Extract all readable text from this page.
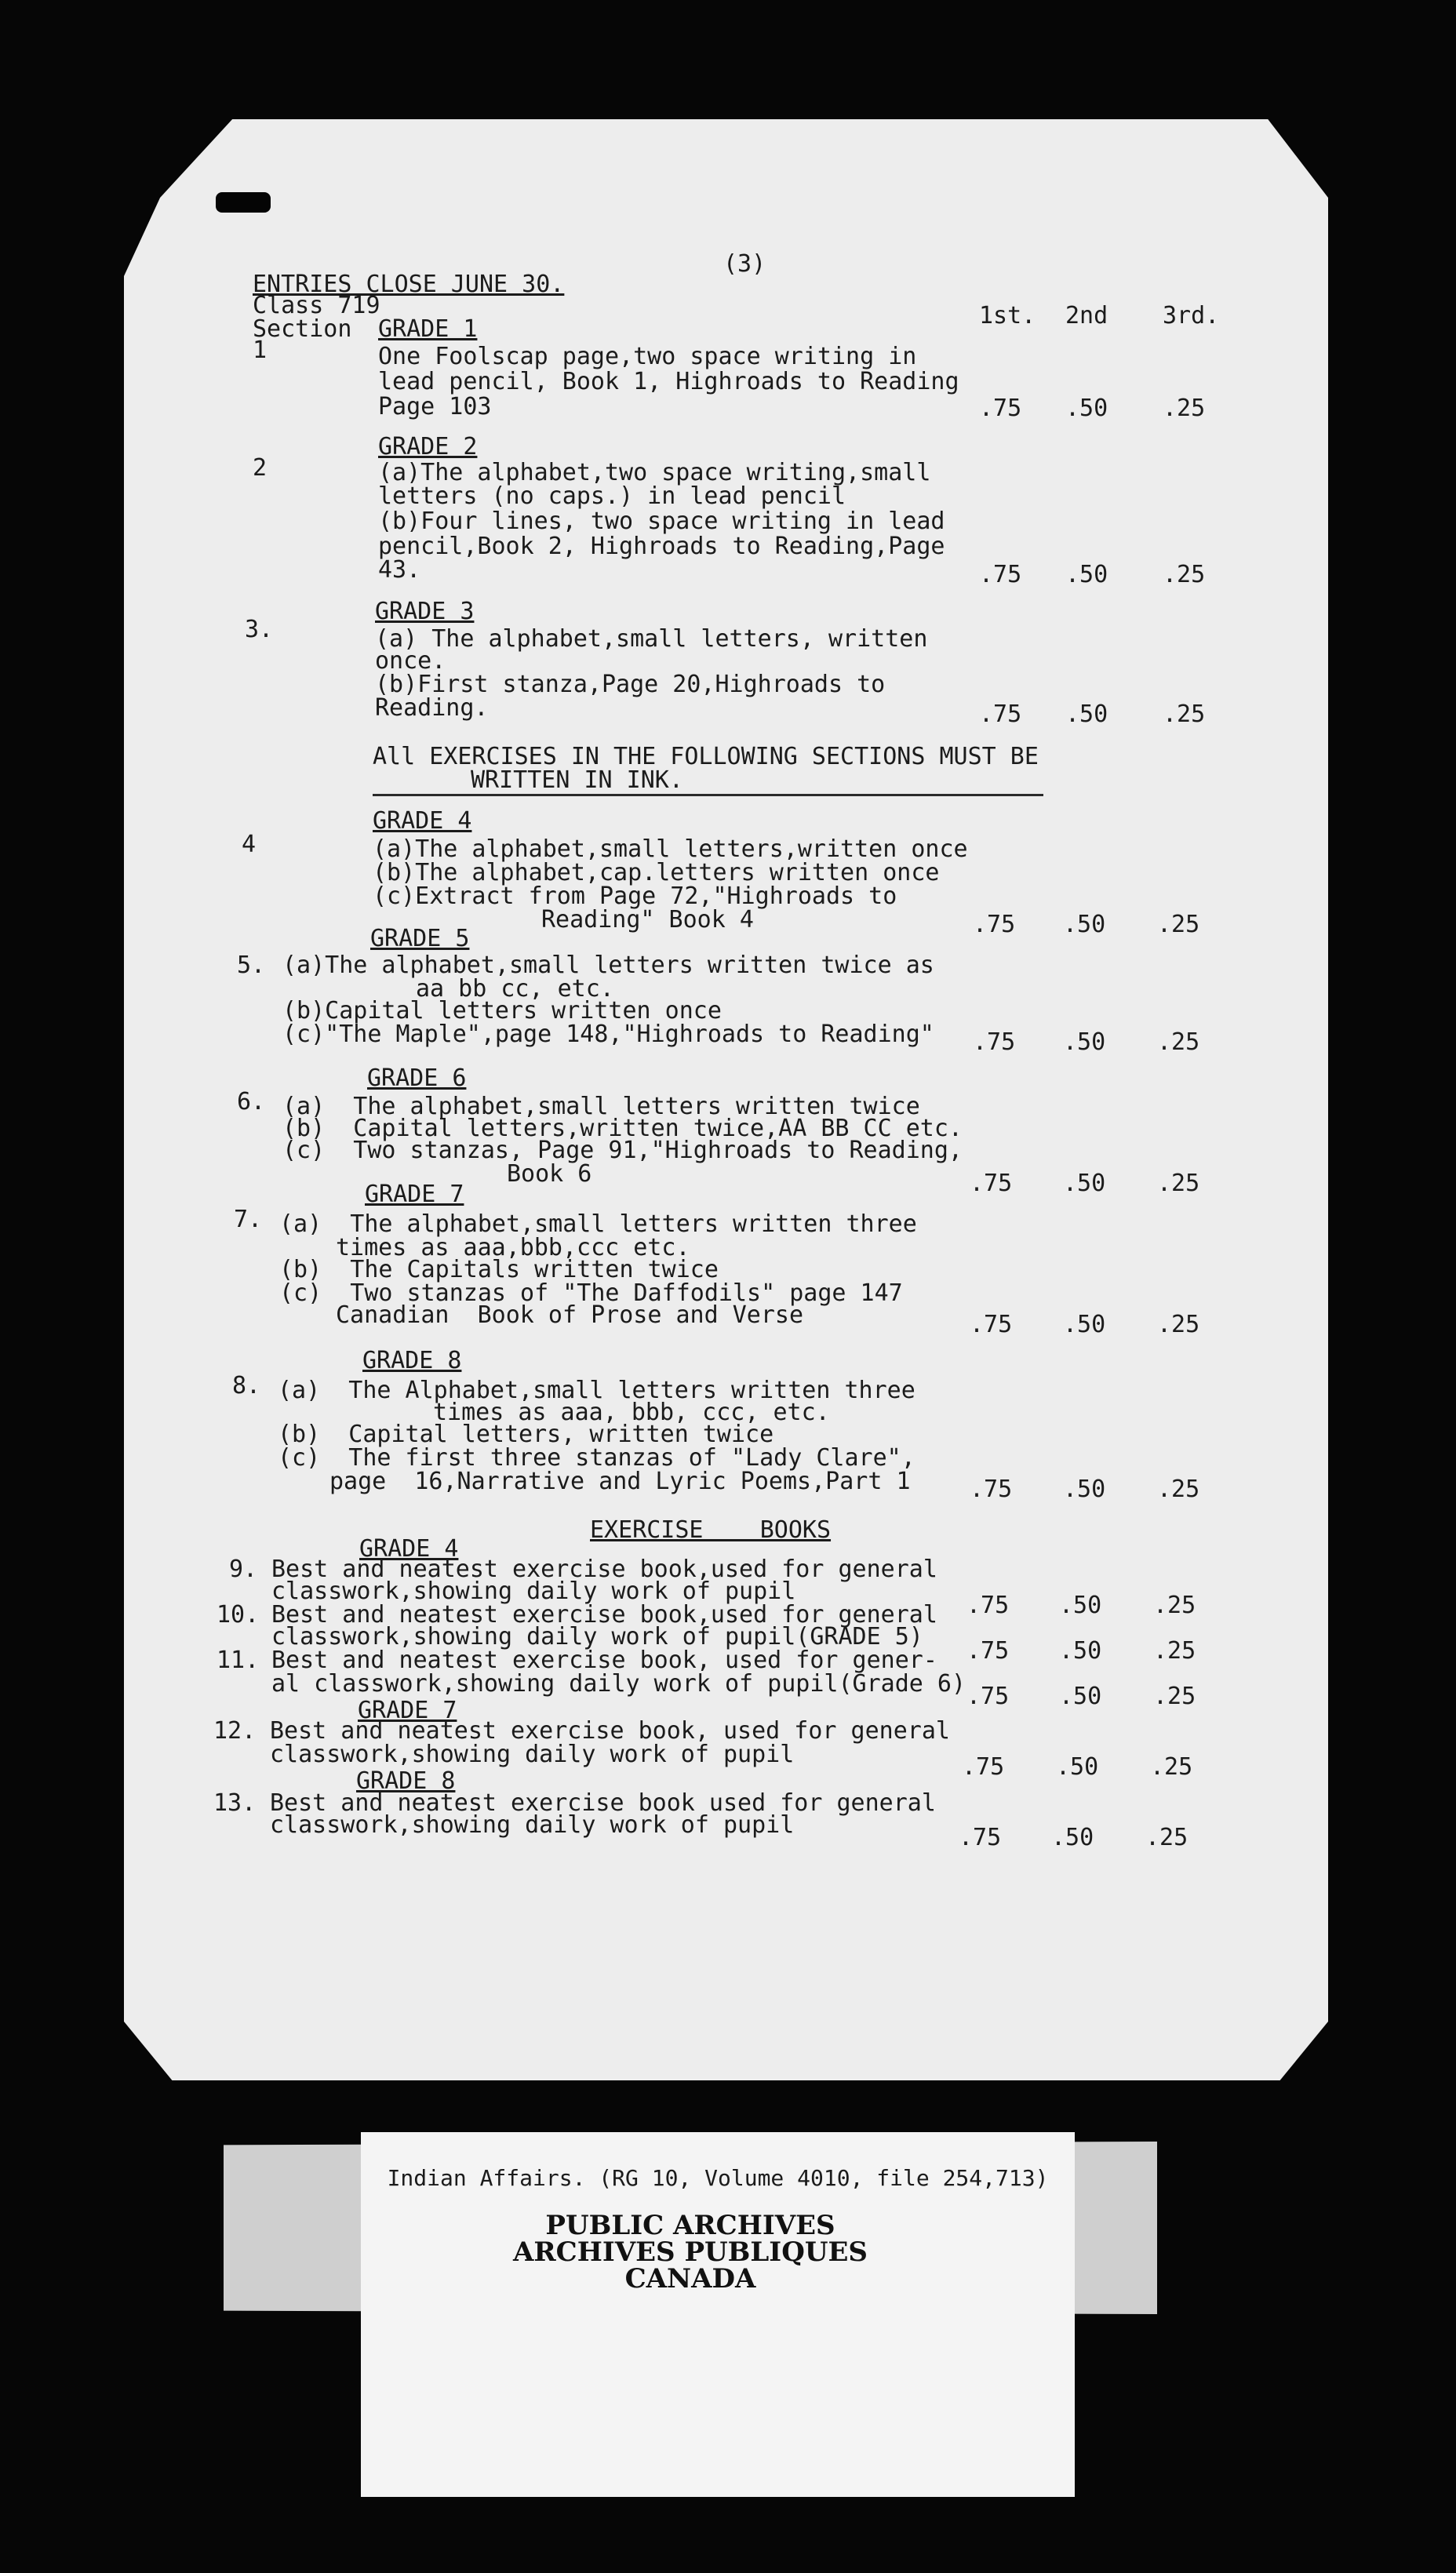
(3)
ENTRIES CLOSE JUNE 30.
Class 719
Section GRADE 1	1st. 2nd 3rd.
1	One Foolscap page,two space writing in
lead pencil, Book 1, Highroads to Reading
Page 103	.75 .50 .25
GRADE 2
2	(a)The alphabet,two space writing,small
letters (no caps.) in lead pencil
(b)Four lines, two space writing in lead
pencil,Book 2, Highroads to Reading,Page
43.	.75 .50 .25
GRADE 3
3.	(a) The alphabet,small letters, written
once.
(b)First stanza,Page 20,Highroads to
Reading.	.75 .50 .25
All EXERCISES IN THE FOLLOWING SECTIONS MUST BE
WRITTEN IN INK.
GRADE 4
4	(a)The alphabet,small letters,written once
(b)The alphabet,cap.letters written once
(c)Extract from Page 72,"Highroads to
Reading" Book 4	.75 .50 .25
GRADE 5
5. (a)The alphabet,small letters written twice as
aa bb cc, etc.
(b)Capital letters written once
(c)"The Maple",page 148,"Highroads to Reading" .75 .50 .25
GRADE 6
6. (a)  The alphabet,small letters written twice
(b)  Capital letters,written twice,AA BB CC etc.
(c)  Two stanzas, Page 91,"Highroads to Reading,
Book 6	.75 .50 .25
GRADE 7
7. (a)  The alphabet,small letters written three
times as aaa,bbb,ccc etc.
(b)  The Capitals written twice
(c)  Two stanzas of "The Daffodils" page 147
Canadian  Book of Prose and Verse	.75 .50 .25
GRADE 8
8. (a)  The Alphabet,small letters written three
times as aaa, bbb, ccc, etc.
(b)  Capital letters, written twice
(c)  The first three stanzas of "Lady Clare",
page  16,Narrative and Lyric Poems,Part 1	.75 .50 .25
EXERCISE    BOOKS
GRADE 4
9. Best and neatest exercise book,used for general
classwork,showing daily work of pupil
.75 .50 .25
10. Best and neatest exercise book,used for general
classwork,showing daily work of pupil(GRADE 5)
.75 .50 .25
11. Best and neatest exercise book, used for gener-
al classwork,showing daily work of pupil(Grade 6) .75 .50 .25
GRADE 7
12. Best and neatest exercise book, used for general
classwork,showing daily work of pupil	.75 .50 .25
GRADE 8
13. Best and neatest exercise book used for general
classwork,showing daily work of pupil	.75 .50 .25
Indian Affairs. (RG 10, Volume 4010, file 254,713)
PUBLIC ARCHIVES
ARCHIVES PUBLIQUES
CANADA
